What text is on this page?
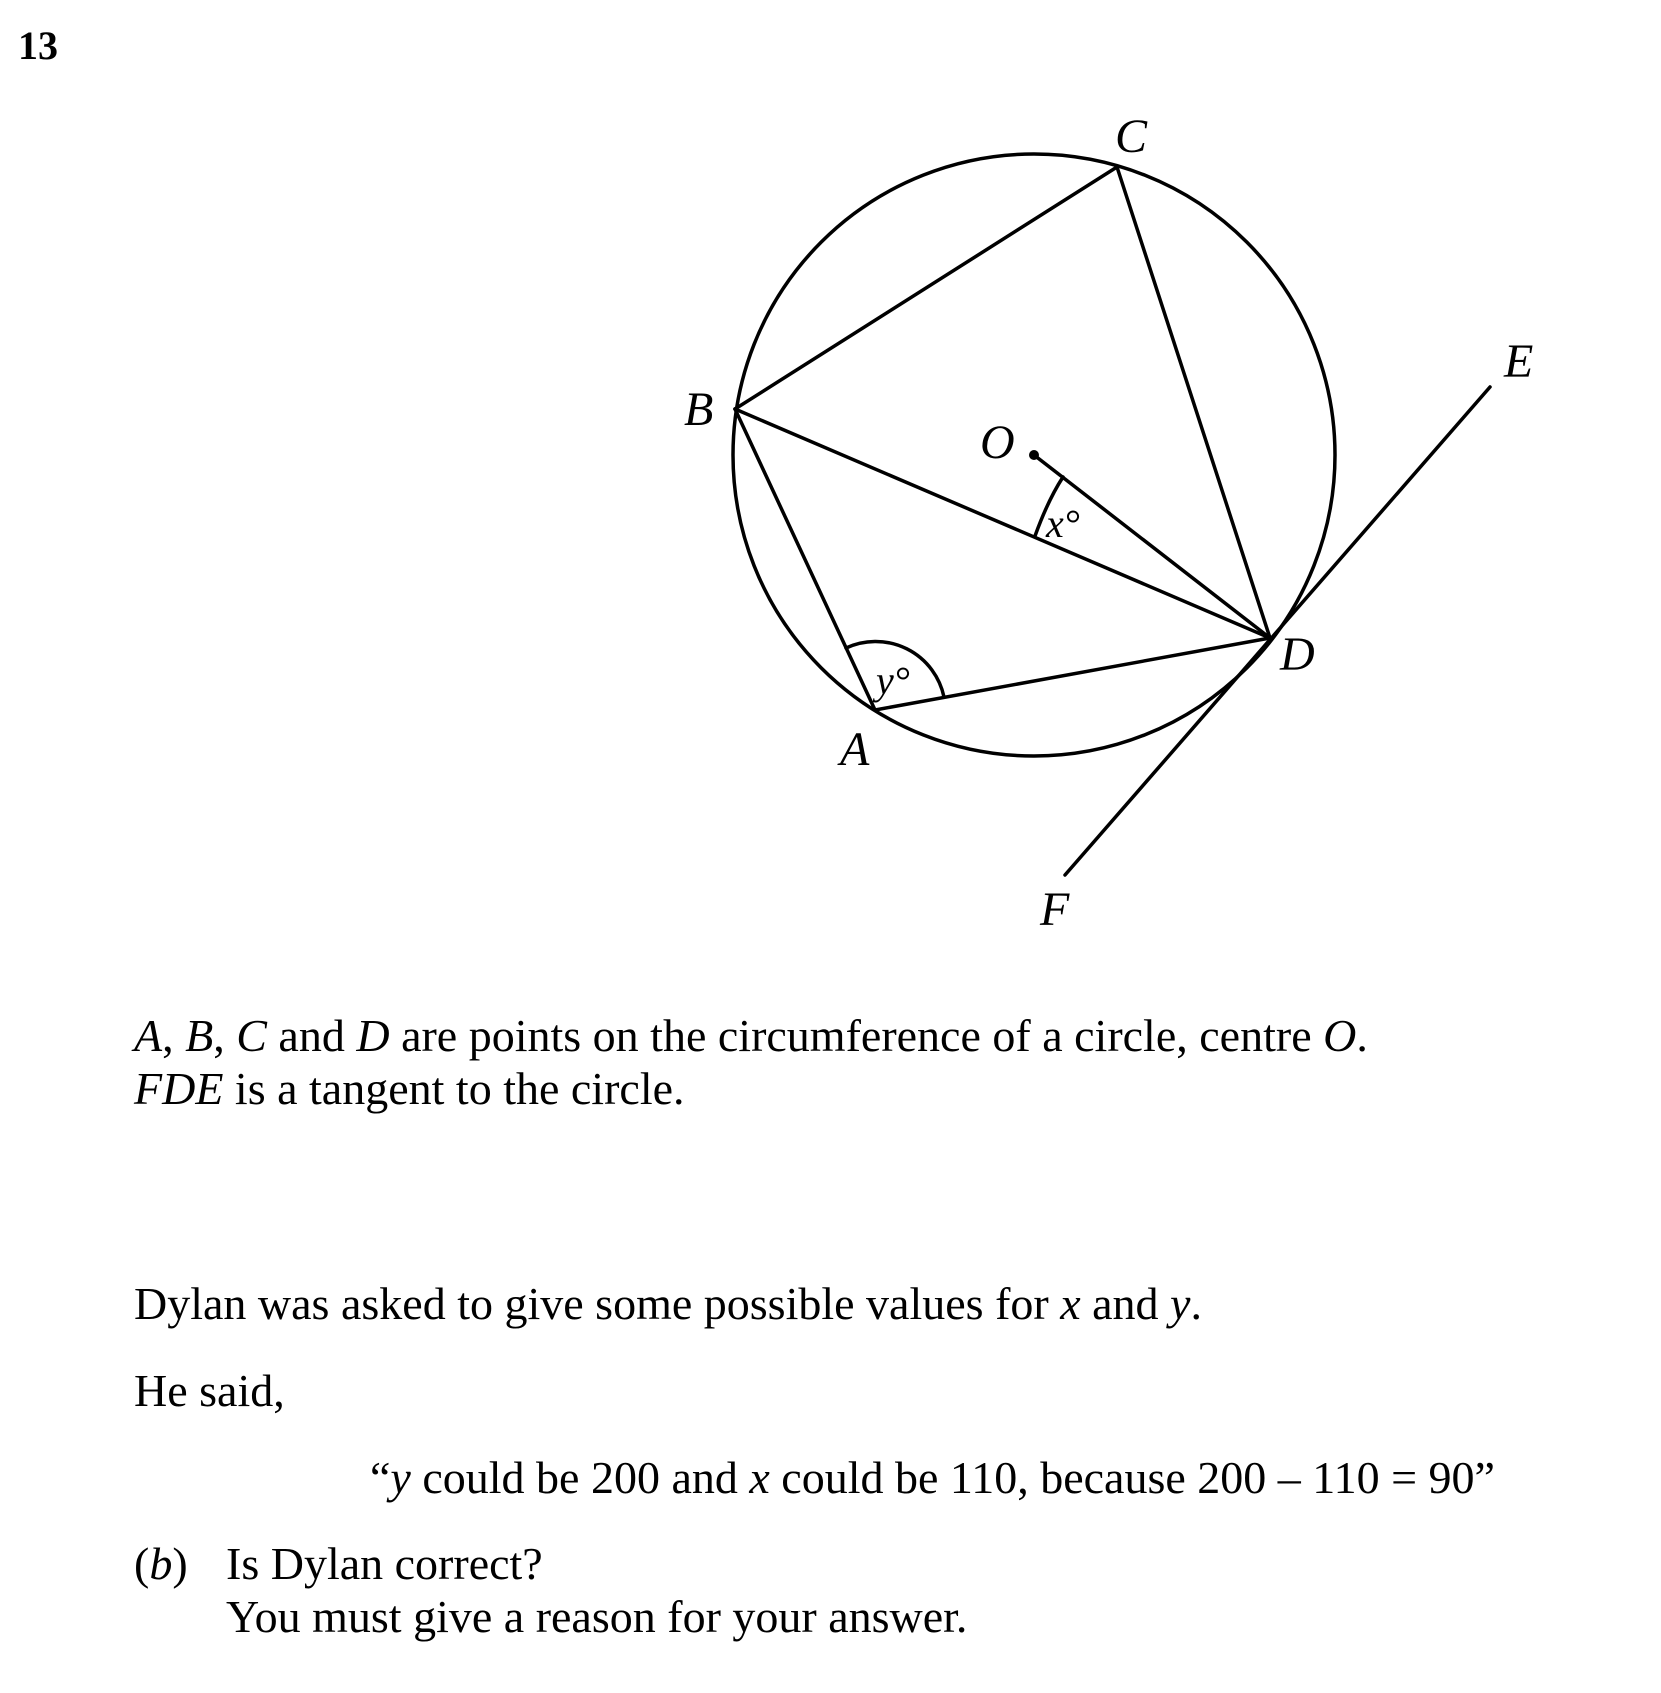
13
C
B
O
E
D
A
F
x°
y°
A, B, C and D are points on the circumference of a circle, centre O.
FDE is a tangent to the circle.
Dylan was asked to give some possible values for x and y.
He said,
“y could be 200 and x could be 110, because 200 – 110 = 90”
(b) Is Dylan correct?
You must give a reason for your answer.
